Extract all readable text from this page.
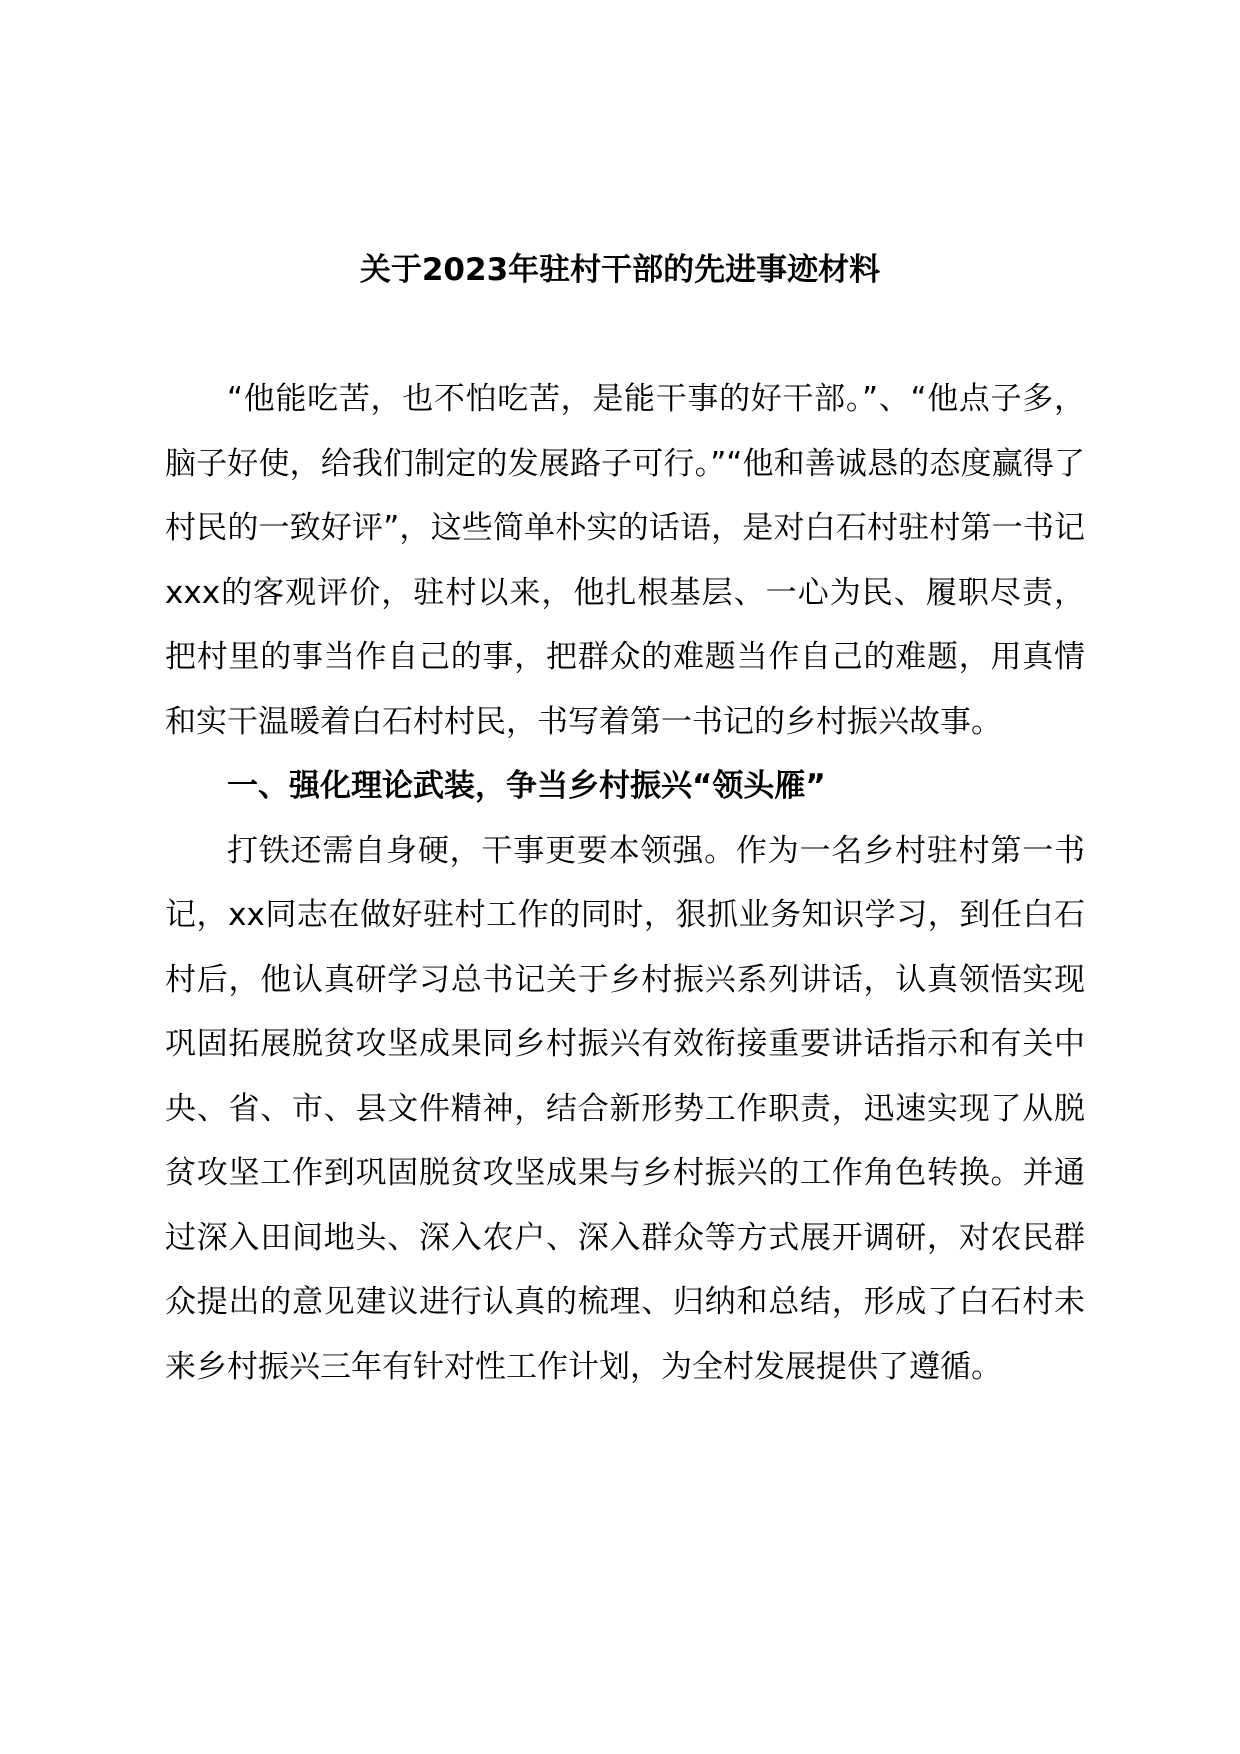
关于2023年驻村干部的先进事迹材料

“他能吃苦，也不怕吃苦，是能干事的好干部。”、“他点子多，脑子好使，给我们制定的发展路子可行。”“他和善诚恳的态度赢得了村民的一致好评”，这些简单朴实的话语，是对白石村驻村第一书记xxx的客观评价，驻村以来，他扎根基层、一心为民、履职尽责，把村里的事当作自己的事，把群众的难题当作自己的难题，用真情和实干温暖着白石村村民，书写着第一书记的乡村振兴故事。

一、强化理论武装，争当乡村振兴“领头雁”

打铁还需自身硬，干事更要本领强。作为一名乡村驻村第一书记，xx同志在做好驻村工作的同时，狠抓业务知识学习，到任白石村后，他认真研学习总书记关于乡村振兴系列讲话，认真领悟实现巩固拓展脱贫攻坚成果同乡村振兴有效衔接重要讲话指示和有关中央、省、市、县文件精神，结合新形势工作职责，迅速实现了从脱贫攻坚工作到巩固脱贫攻坚成果与乡村振兴的工作角色转换。并通过深入田间地头、深入农户、深入群众等方式展开调研，对农民群众提出的意见建议进行认真的梳理、归纳和总结，形成了白石村未来乡村振兴三年有针对性工作计划，为全村发展提供了遵循。
